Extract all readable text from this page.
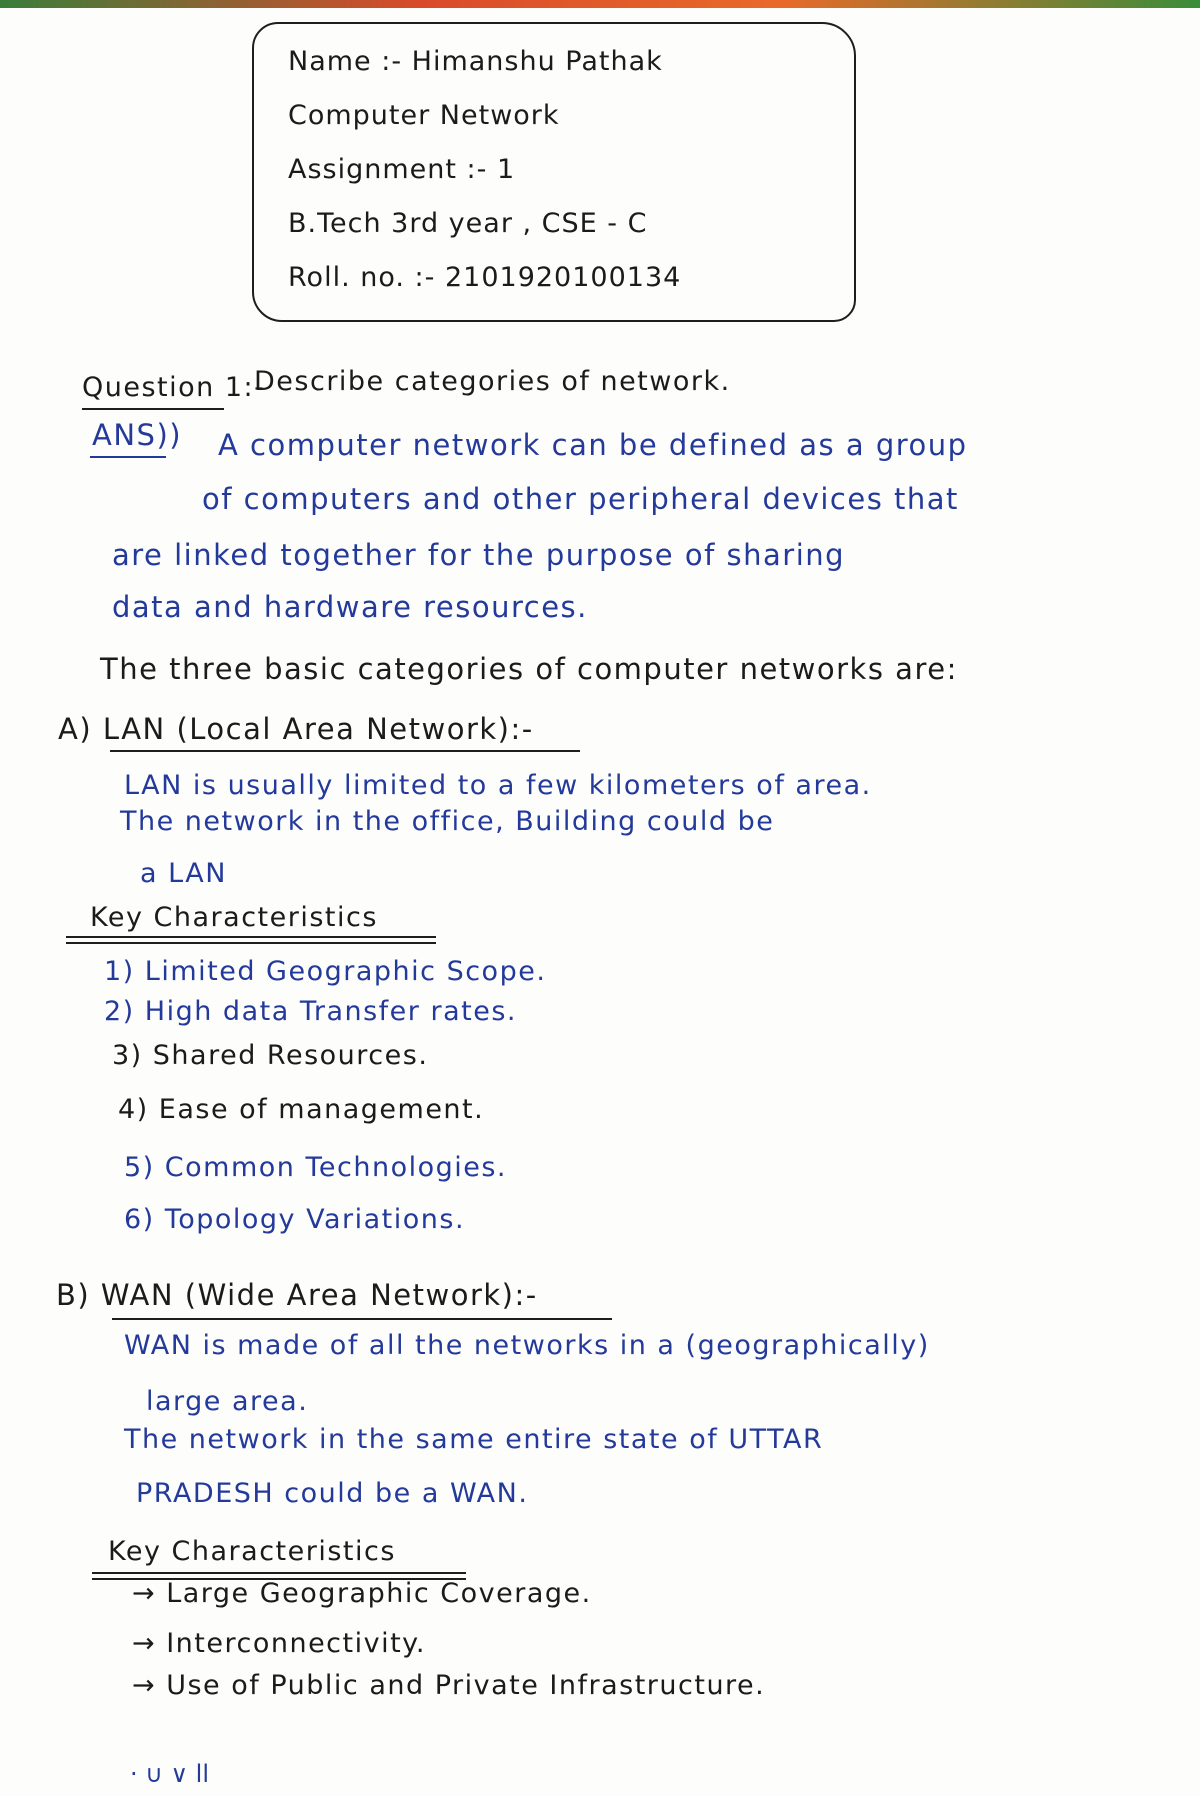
Name :- Himanshu Pathak
Computer Network
Assignment :- 1
B.Tech 3rd year , CSE - C
Roll. no. :- 2101920100134
Question 1:-
Describe categories of network.
ANS)) A computer network can be defined as a group
of computers and other peripheral devices that
are linked together for the purpose of sharing
data and hardware resources.
The three basic categories of computer networks are:
A) LAN (Local Area Network):-
LAN is usually limited to a few kilometers of area.
The network in the office, Building could be
a LAN
Key Characteristics
1) Limited Geographic Scope.
2) High data Transfer rates.
3) Shared Resources.
4) Ease of management.
5) Common Technologies.
6) Topology Variations.
B) WAN (Wide Area Network):-
WAN is made of all the networks in a (geographically)
large area.
The network in the same entire state of UTTAR
PRADESH could be a WAN.
Key Characteristics
→ Large Geographic Coverage.
→ Interconnectivity.
→ Use of Public and Private Infrastructure.
· ∪ ∨ ll
